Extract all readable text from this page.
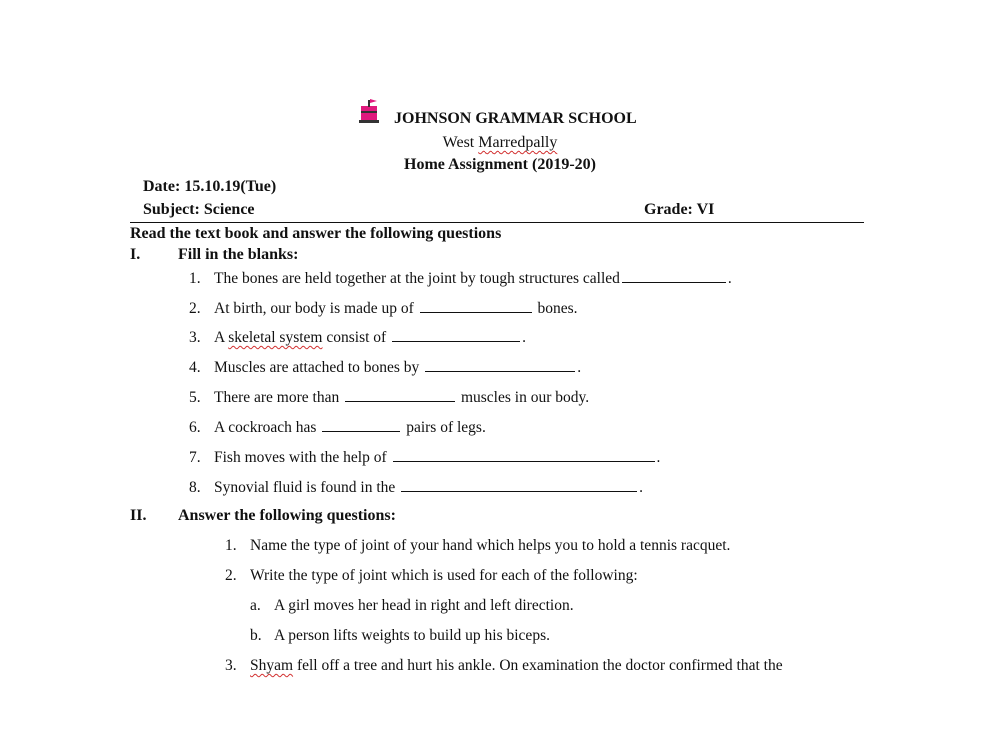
JOHNSON GRAMMAR SCHOOL
West Marredpally
Home Assignment (2019-20)
Date: 15.10.19(Tue)
Subject: Science	Grade: VI
Read the text book and answer the following questions
I. Fill in the blanks:
1. The bones are held together at the joint by tough structures called	.
2. At birth, our body is made up of	bones.
3. A skeletal system consist of	.
4. Muscles are attached to bones by	.
5. There are more than	muscles in our body.
6. A cockroach has	pairs of legs.
7. Fish moves with the help of	.
8. Synovial fluid is found in the	.
II. Answer the following questions:
1. Name the type of joint of your hand which helps you to hold a tennis racquet.
2. Write the type of joint which is used for each of the following:
a. A girl moves her head in right and left direction.
b. A person lifts weights to build up his biceps.
3. Shyam fell off a tree and hurt his ankle. On examination the doctor confirmed that the
